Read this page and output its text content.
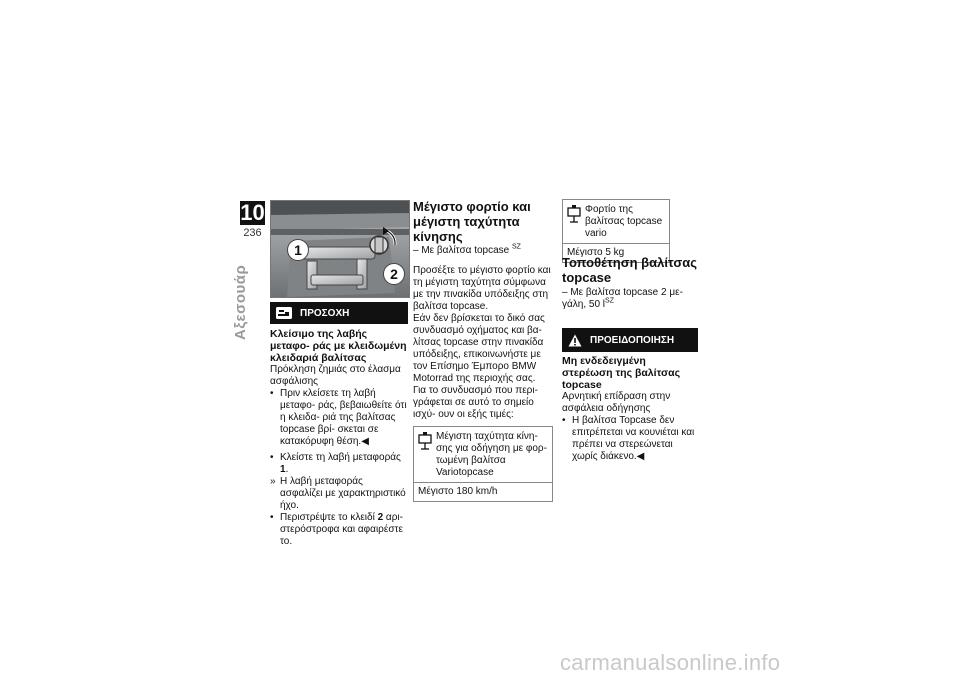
10
236
Αξεσουάρ
1
2
ΠΡΟΣΟΧΗ
Κλείσιμο της λαβής μεταφο- ράς με κλειδωμένη κλειδαριά βαλίτσας

Πρόκληση ζημιάς στο έλασμα ασφάλισης

• Πριν κλείσετε τη λαβή μεταφο- ράς, βεβαιωθείτε ότι η κλειδα- ριά της βαλίτσας topcase βρί- σκεται σε κατακόρυφη θέση.◀
• Κλείστε τη λαβή μεταφοράς 1.
» Η λαβή μεταφοράς ασφαλίζει με χαρακτηριστικό ήχο.
• Περιστρέψτε το κλειδί 2 αρι- στερόστροφα και αφαιρέστε το.
Μέγιστο φορτίο και μέγιστη ταχύτητα κίνησης

– Με βαλίτσα topcase $^{SZ}$

Προσέξτε το μέγιστο φορτίο και τη μέγιστη ταχύτητα σύμφωνα με την πινακίδα υπόδειξης στη βαλίτσα topcase.

Εάν δεν βρίσκεται το δικό σας συνδυασμό οχήματος και βα- λίτσας topcase στην πινακίδα υπόδειξης, επικοινωνήστε με τον Επίσημο Έμπορο BMW Motorrad της περιοχής σας.

Για το συνδυασμό που περι- γράφεται σε αυτό το σημείο ισχύ- ουν οι εξής τιμές:

Μέγιστη ταχύτητα κίνη- σης για οδήγηση με φορ- τωμένη βαλίτσα Variotopcase
Μέγιστο 180 km/h
Φορτίο της βαλίτσας topcase vario
Μέγιστο 5 kg
Τοποθέτηση βαλίτσας topcase

– Με βαλίτσα topcase 2 με- γάλη, 50 $l^{SZ}$

ΠΡΟΕΙΔΟΠΟΙΗΣΗ
Μη ενδεδειγμένη στερέωση της βαλίτσας topcase

Αρνητική επίδραση στην ασφάλεια οδήγησης

• Η βαλίτσα Topcase δεν επιτρέπεται να κουνιέται και πρέπει να στερεώνεται χωρίς διάκενο.◀
carmanualsonline.info
